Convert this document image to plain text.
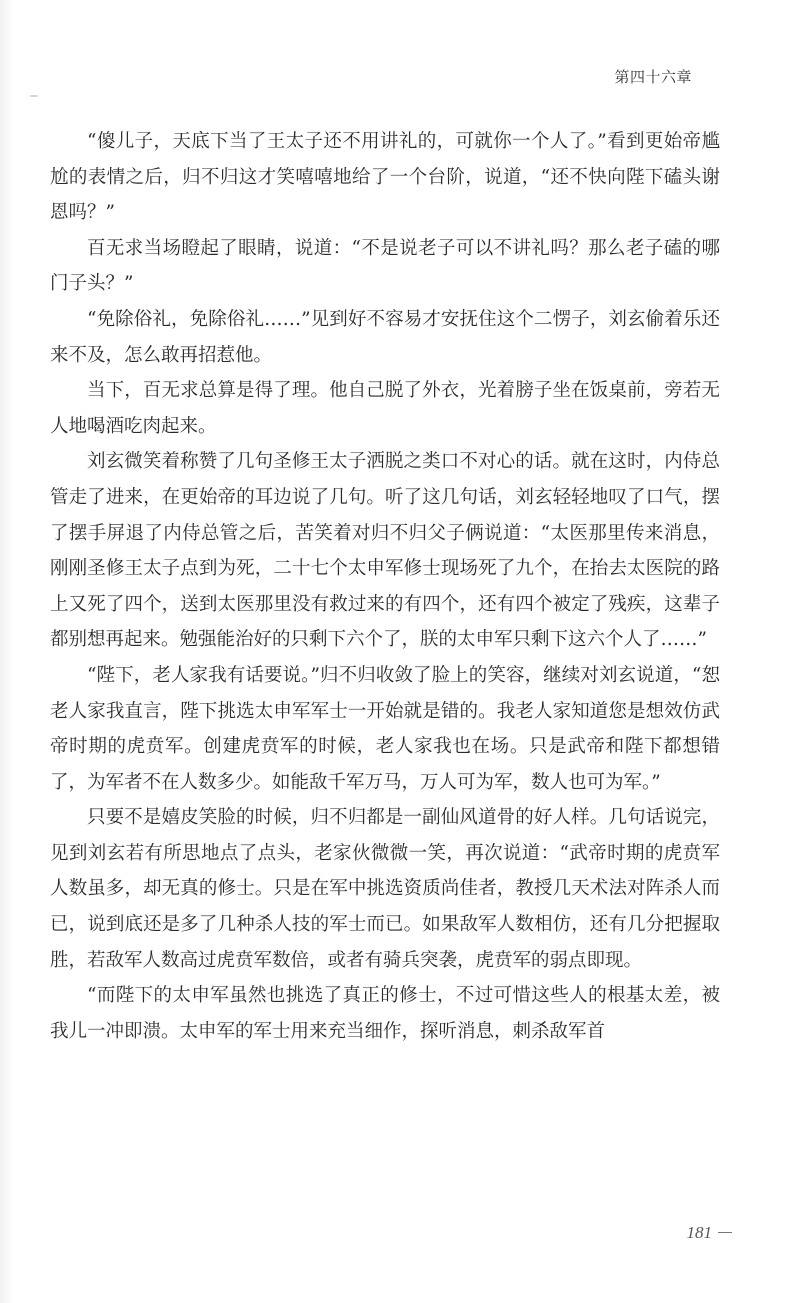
第四十六章

“傻儿子，天底下当了王太子还不用讲礼的，可就你一个人了。”看到更始帝尴尬的表情之后，归不归这才笑嘻嘻地给了一个台阶，说道，“还不快向陛下磕头谢恩吗？”

百无求当场瞪起了眼睛，说道：“不是说老子可以不讲礼吗？那么老子磕的哪门子头？”

“免除俗礼，免除俗礼……”见到好不容易才安抚住这个二愣子，刘玄偷着乐还来不及，怎么敢再招惹他。

当下，百无求总算是得了理。他自己脱了外衣，光着膀子坐在饭桌前，旁若无人地喝酒吃肉起来。

刘玄微笑着称赞了几句圣修王太子洒脱之类口不对心的话。就在这时，内侍总管走了进来，在更始帝的耳边说了几句。听了这几句话，刘玄轻轻地叹了口气，摆了摆手屏退了内侍总管之后，苦笑着对归不归父子俩说道：“太医那里传来消息，刚刚圣修王太子点到为死，二十七个太申军修士现场死了九个，在抬去太医院的路上又死了四个，送到太医那里没有救过来的有四个，还有四个被定了残疾，这辈子都别想再起来。勉强能治好的只剩下六个了，朕的太申军只剩下这六个人了……”

“陛下，老人家我有话要说。”归不归收敛了脸上的笑容，继续对刘玄说道，“恕老人家我直言，陛下挑选太申军军士一开始就是错的。我老人家知道您是想效仿武帝时期的虎贲军。创建虎贲军的时候，老人家我也在场。只是武帝和陛下都想错了，为军者不在人数多少。如能敌千军万马，万人可为军，数人也可为军。”

只要不是嬉皮笑脸的时候，归不归都是一副仙风道骨的好人样。几句话说完，见到刘玄若有所思地点了点头，老家伙微微一笑，再次说道：“武帝时期的虎贲军人数虽多，却无真的修士。只是在军中挑选资质尚佳者，教授几天术法对阵杀人而已，说到底还是多了几种杀人技的军士而已。如果敌军人数相仿，还有几分把握取胜，若敌军人数高过虎贲军数倍，或者有骑兵突袭，虎贲军的弱点即现。

“而陛下的太申军虽然也挑选了真正的修士，不过可惜这些人的根基太差，被我儿一冲即溃。太申军的军士用来充当细作，探听消息，刺杀敌军首

181
